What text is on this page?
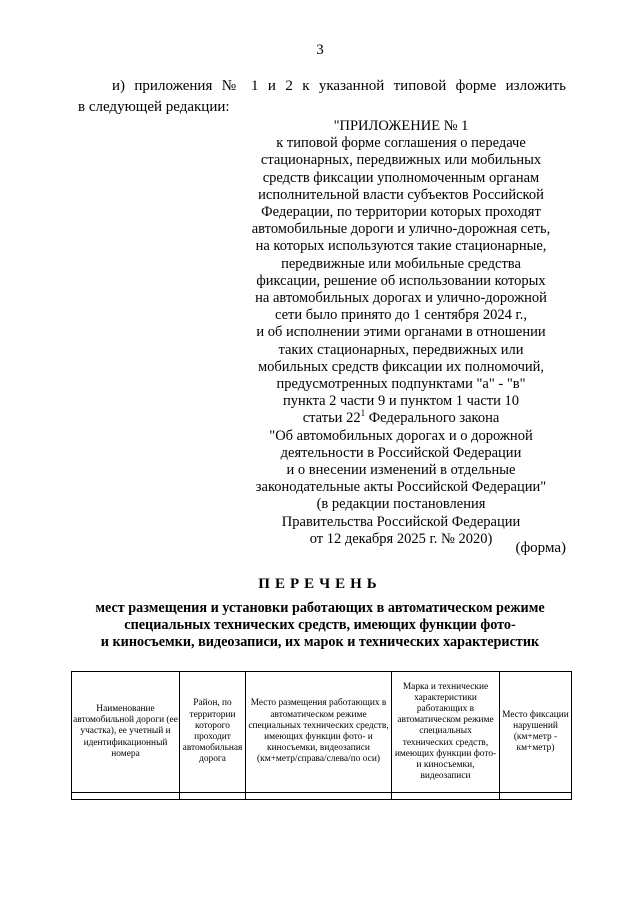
3
и) приложения № 1 и 2 к указанной типовой форме изложить
в следующей редакции:
"ПРИЛОЖЕНИЕ № 1
к типовой форме соглашения о передаче
стационарных, передвижных или мобильных
средств фиксации уполномоченным органам
исполнительной власти субъектов Российской
Федерации, по территории которых проходят
автомобильные дороги и улично-дорожная сеть,
на которых используются такие стационарные,
передвижные или мобильные средства
фиксации, решение об использовании которых
на автомобильных дорогах и улично-дорожной
сети было принято до 1 сентября 2024 г.,
и об исполнении этими органами в отношении
таких стационарных, передвижных или
мобильных средств фиксации их полномочий,
предусмотренных подпунктами "а" - "в"
пункта 2 части 9 и пунктом 1 части 10
статьи $22^1$ Федерального закона
"Об автомобильных дорогах и о дорожной
деятельности в Российской Федерации
и о внесении изменений в отдельные
законодательные акты Российской Федерации"
(в редакции постановления
Правительства Российской Федерации
от 12 декабря 2025 г. № 2020)
(форма)
ПЕРЕЧЕНЬ
мест размещения и установки работающих в автоматическом режиме
специальных технических средств, имеющих функции фото-
и киносъемки, видеозаписи, их марок и технических характеристик
Наименование автомобильной дороги (ее участка), ее учетный и идентификационный номера	Район, по территории которого проходит автомобильная дорога	Место размещения работающих в автоматическом режиме специальных технических средств, имеющих функции фото- и киносъемки, видеозаписи (км+метр/справа/слева/по оси)	Марка и технические характеристики работающих в автоматическом режиме специальных технических средств, имеющих функции фото- и киносъемки, видеозаписи	Место фиксации нарушений (км+метр - км+метр)
